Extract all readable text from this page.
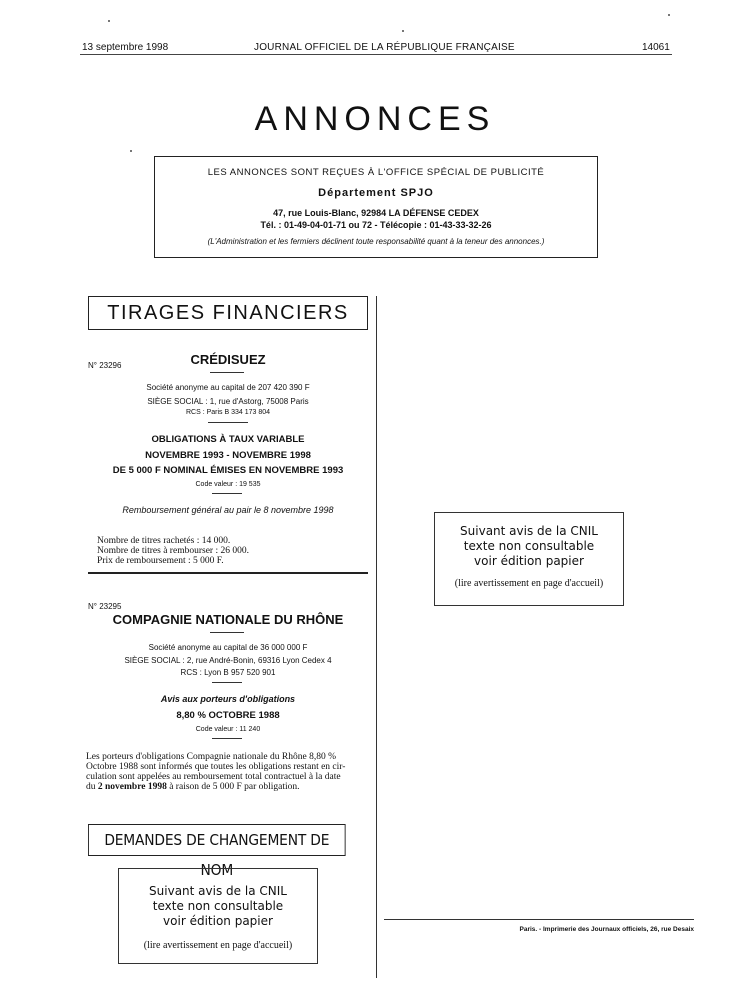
13 septembre 1998	JOURNAL OFFICIEL DE LA RÉPUBLIQUE FRANÇAISE	14061
ANNONCES
LES ANNONCES SONT REÇUES À L'OFFICE SPÉCIAL DE PUBLICITÉ
Département SPJO
47, rue Louis-Blanc, 92984 LA DÉFENSE CEDEX
Tél. : 01-49-04-01-71 ou 72 - Télécopie : 01-43-33-32-26
(L'Administration et les fermiers déclinent toute responsabilité quant à la teneur des annonces.)
TIRAGES FINANCIERS
N° 23296	CRÉDISUEZ
Société anonyme au capital de 207 420 390 F
SIÈGE SOCIAL : 1, rue d'Astorg, 75008 Paris
RCS : Paris B 334 173 804
OBLIGATIONS À TAUX VARIABLE
NOVEMBRE 1993 - NOVEMBRE 1998
DE 5 000 F NOMINAL ÉMISES EN NOVEMBRE 1993
Code valeur : 19 535
Remboursement général au pair le 8 novembre 1998
Nombre de titres rachetés : 14 000.
Nombre de titres à rembourser : 26 000.
Prix de remboursement : 5 000 F.
N° 23295
COMPAGNIE NATIONALE DU RHÔNE
Société anonyme au capital de 36 000 000 F
SIÈGE SOCIAL : 2, rue André-Bonin, 69316 Lyon Cedex 4
RCS : Lyon B 957 520 901
Avis aux porteurs d'obligations
8,80 % OCTOBRE 1988
Code valeur : 11 240
Les porteurs d'obligations Compagnie nationale du Rhône 8,80 %
Octobre 1988 sont informés que toutes les obligations restant en cir-
culation sont appelées au remboursement total contractuel à la date
du 2 novembre 1998 à raison de 5 000 F par obligation.
DEMANDES DE CHANGEMENT DE NOM
Suivant avis de la CNIL
texte non consultable
voir édition papier
(lire avertissement en page d'accueil)
Suivant avis de la CNIL
texte non consultable
voir édition papier
(lire avertissement en page d'accueil)
Paris. - Imprimerie des Journaux officiels, 26, rue Desaix
